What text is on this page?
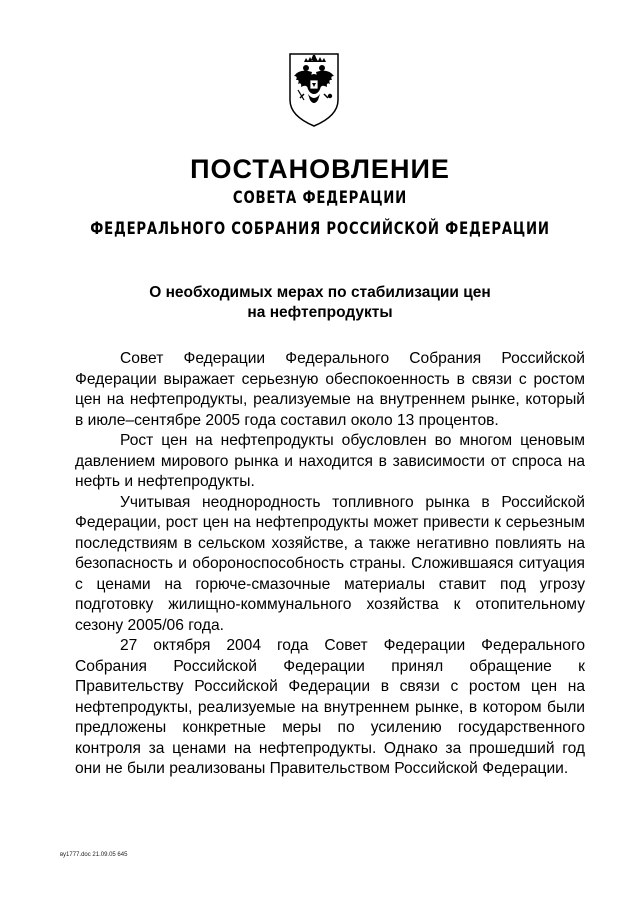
ПОСТАНОВЛЕНИЕ
СОВЕТА ФЕДЕРАЦИИ
ФЕДЕРАЛЬНОГО СОБРАНИЯ РОССИЙСКОЙ ФЕДЕРАЦИИ
О необходимых мерах по стабилизации цен
на нефтепродукты

Совет Федерации Федерального Собрания Российской Федерации выражает серьезную обеспокоенность в связи с ростом цен на нефтепродукты, реализуемые на внутреннем рынке, который в июле–сентябре 2005 года составил около 13 процентов.

Рост цен на нефтепродукты обусловлен во многом ценовым давлением мирового рынка и находится в зависимости от спроса на нефть и нефтепродукты.

Учитывая неоднородность топливного рынка в Российской Федерации, рост цен на нефтепродукты может привести к серьезным последствиям в сельском хозяйстве, а также негативно повлиять на безопасность и обороноспособность страны. Сложившаяся ситуация с ценами на горюче-смазочные материалы ставит под угрозу подготовку жилищно-коммунального хозяйства к отопительному сезону 2005/06 года.

27 октября 2004 года Совет Федерации Федерального Собрания Российской Федерации принял обращение к Правительству Российской Федерации в связи с ростом цен на нефтепродукты, реализуемые на внутреннем рынке, в котором были предложены конкретные меры по усилению государственного контроля за ценами на нефтепродукты. Однако за прошедший год они не были реализованы Правительством Российской Федерации.

ву1777.doc 21.09.05 645
